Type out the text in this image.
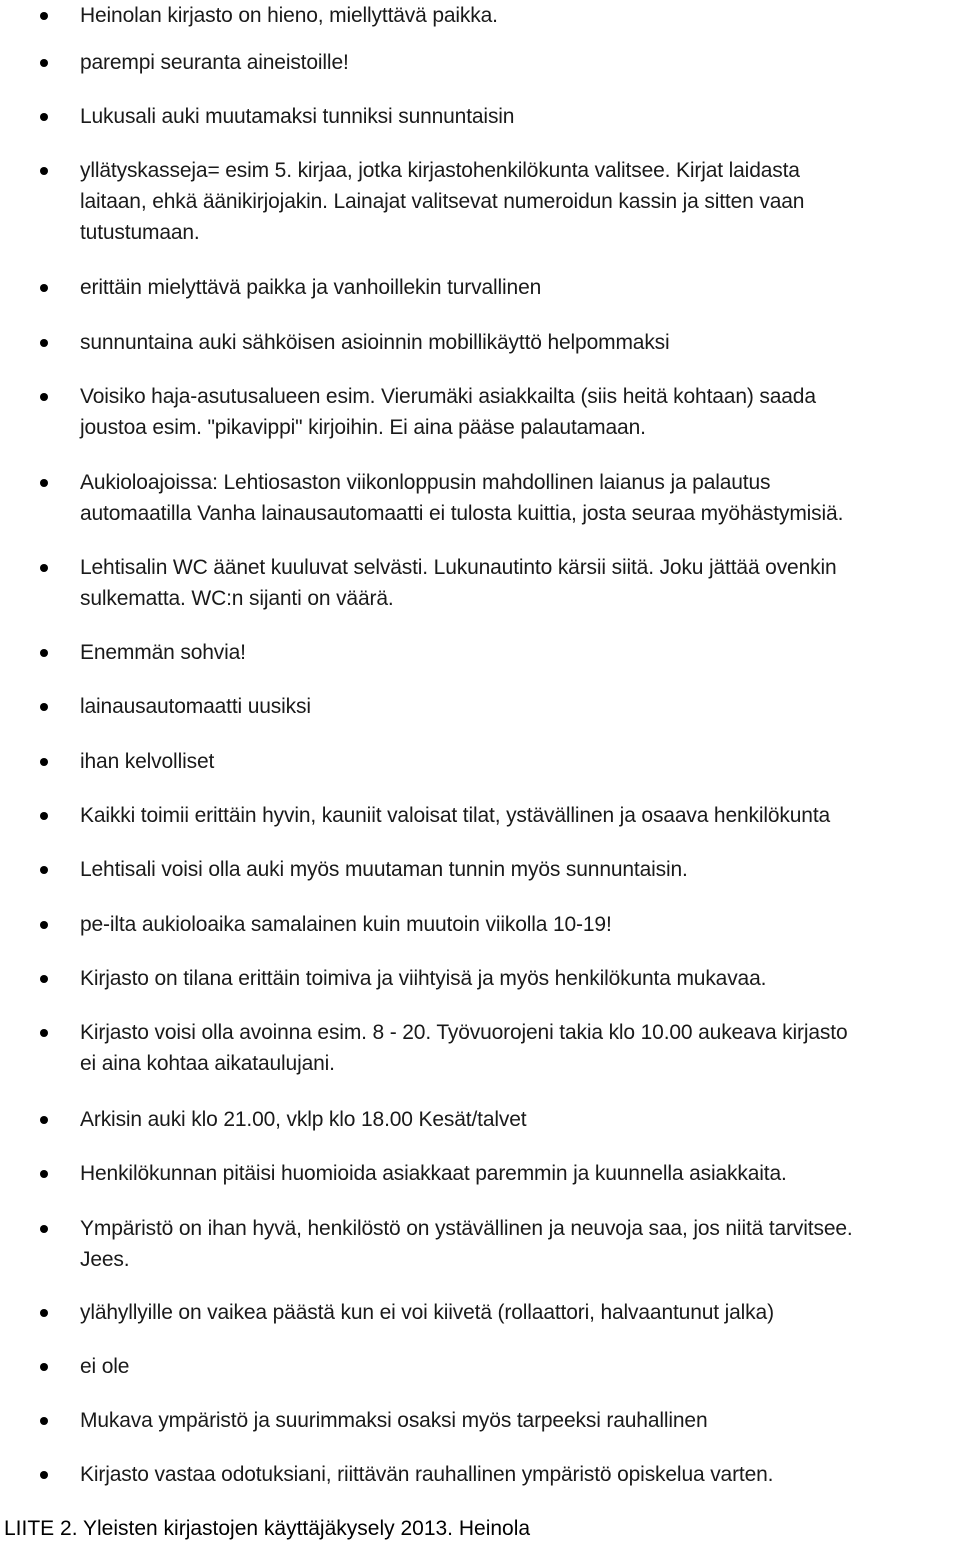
Heinolan kirjasto on hieno, miellyttävä paikka.
parempi seuranta aineistoille!
Lukusali auki muutamaksi tunniksi sunnuntaisin
yllätyskasseja= esim 5. kirjaa, jotka kirjastohenkilökunta valitsee. Kirjat laidasta
laitaan, ehkä äänikirjojakin. Lainajat valitsevat numeroidun kassin ja sitten vaan
tutustumaan.
erittäin mielyttävä paikka ja vanhoillekin turvallinen
sunnuntaina auki sähköisen asioinnin mobillikäyttö helpommaksi
Voisiko haja-asutusalueen esim. Vierumäki asiakkailta (siis heitä kohtaan) saada
joustoa esim. "pikavippi" kirjoihin. Ei aina pääse palautamaan.
Aukioloajoissa: Lehtiosaston viikonloppusin mahdollinen laianus ja palautus
automaatilla Vanha lainausautomaatti ei tulosta kuittia, josta seuraa myöhästymisiä.
Lehtisalin WC äänet kuuluvat selvästi. Lukunautinto kärsii siitä. Joku jättää ovenkin
sulkematta. WC:n sijanti on väärä.
Enemmän sohvia!
lainausautomaatti uusiksi
ihan kelvolliset
Kaikki toimii erittäin hyvin, kauniit valoisat tilat, ystävällinen ja osaava henkilökunta
Lehtisali voisi olla auki myös muutaman tunnin myös sunnuntaisin.
pe-ilta aukioloaika samalainen kuin muutoin viikolla 10-19!
Kirjasto on tilana erittäin toimiva ja viihtyisä ja myös henkilökunta mukavaa.
Kirjasto voisi olla avoinna esim. 8 - 20. Työvuorojeni takia klo 10.00 aukeava kirjasto
ei aina kohtaa aikataulujani.
Arkisin auki klo 21.00, vklp klo 18.00 Kesät/talvet
Henkilökunnan pitäisi huomioida asiakkaat paremmin ja kuunnella asiakkaita.
Ympäristö on ihan hyvä, henkilöstö on ystävällinen ja neuvoja saa, jos niitä tarvitsee.
Jees.
ylähyllyille on vaikea päästä kun ei voi kiivetä (rollaattori, halvaantunut jalka)
ei ole
Mukava ympäristö ja suurimmaksi osaksi myös tarpeeksi rauhallinen
Kirjasto vastaa odotuksiani, riittävän rauhallinen ympäristö opiskelua varten.
LIITE 2. Yleisten kirjastojen käyttäjäkysely 2013. Heinola
